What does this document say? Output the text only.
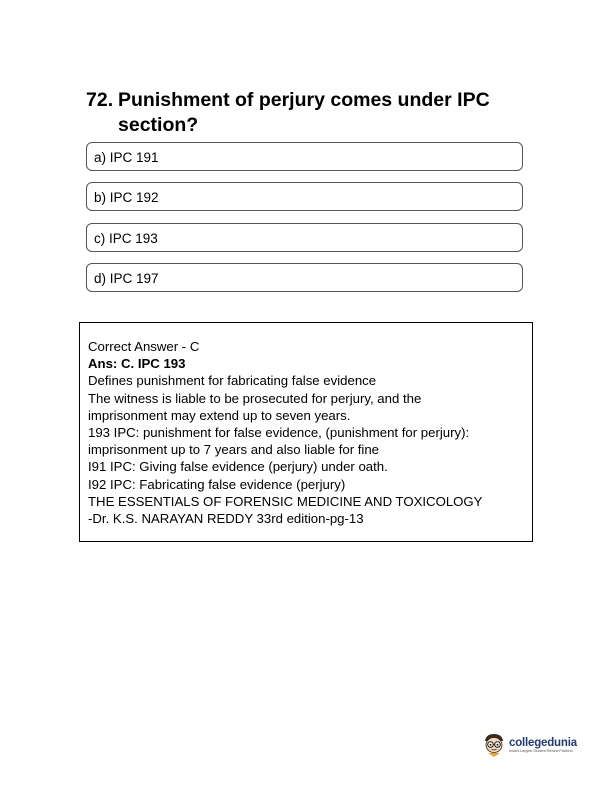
72. Punishment of perjury comes under IPC section?
a) IPC 191
b) IPC 192
c) IPC 193
d) IPC 197
Correct Answer - C
Ans: C. IPC 193
Defines punishment for fabricating false evidence
The witness is liable to be prosecuted for perjury, and the
imprisonment may extend up to seven years.
193 IPC: punishment for false evidence, (punishment for perjury):
imprisonment up to 7 years and also liable for fine
I91 IPC: Giving false evidence (perjury) under oath.
I92 IPC: Fabricating false evidence (perjury)
THE ESSENTIALS OF FORENSIC MEDICINE AND TOXICOLOGY
-Dr. K.S. NARAYAN REDDY 33rd edition-pg-13
collegedunia
India's Largest Student Review Platform
